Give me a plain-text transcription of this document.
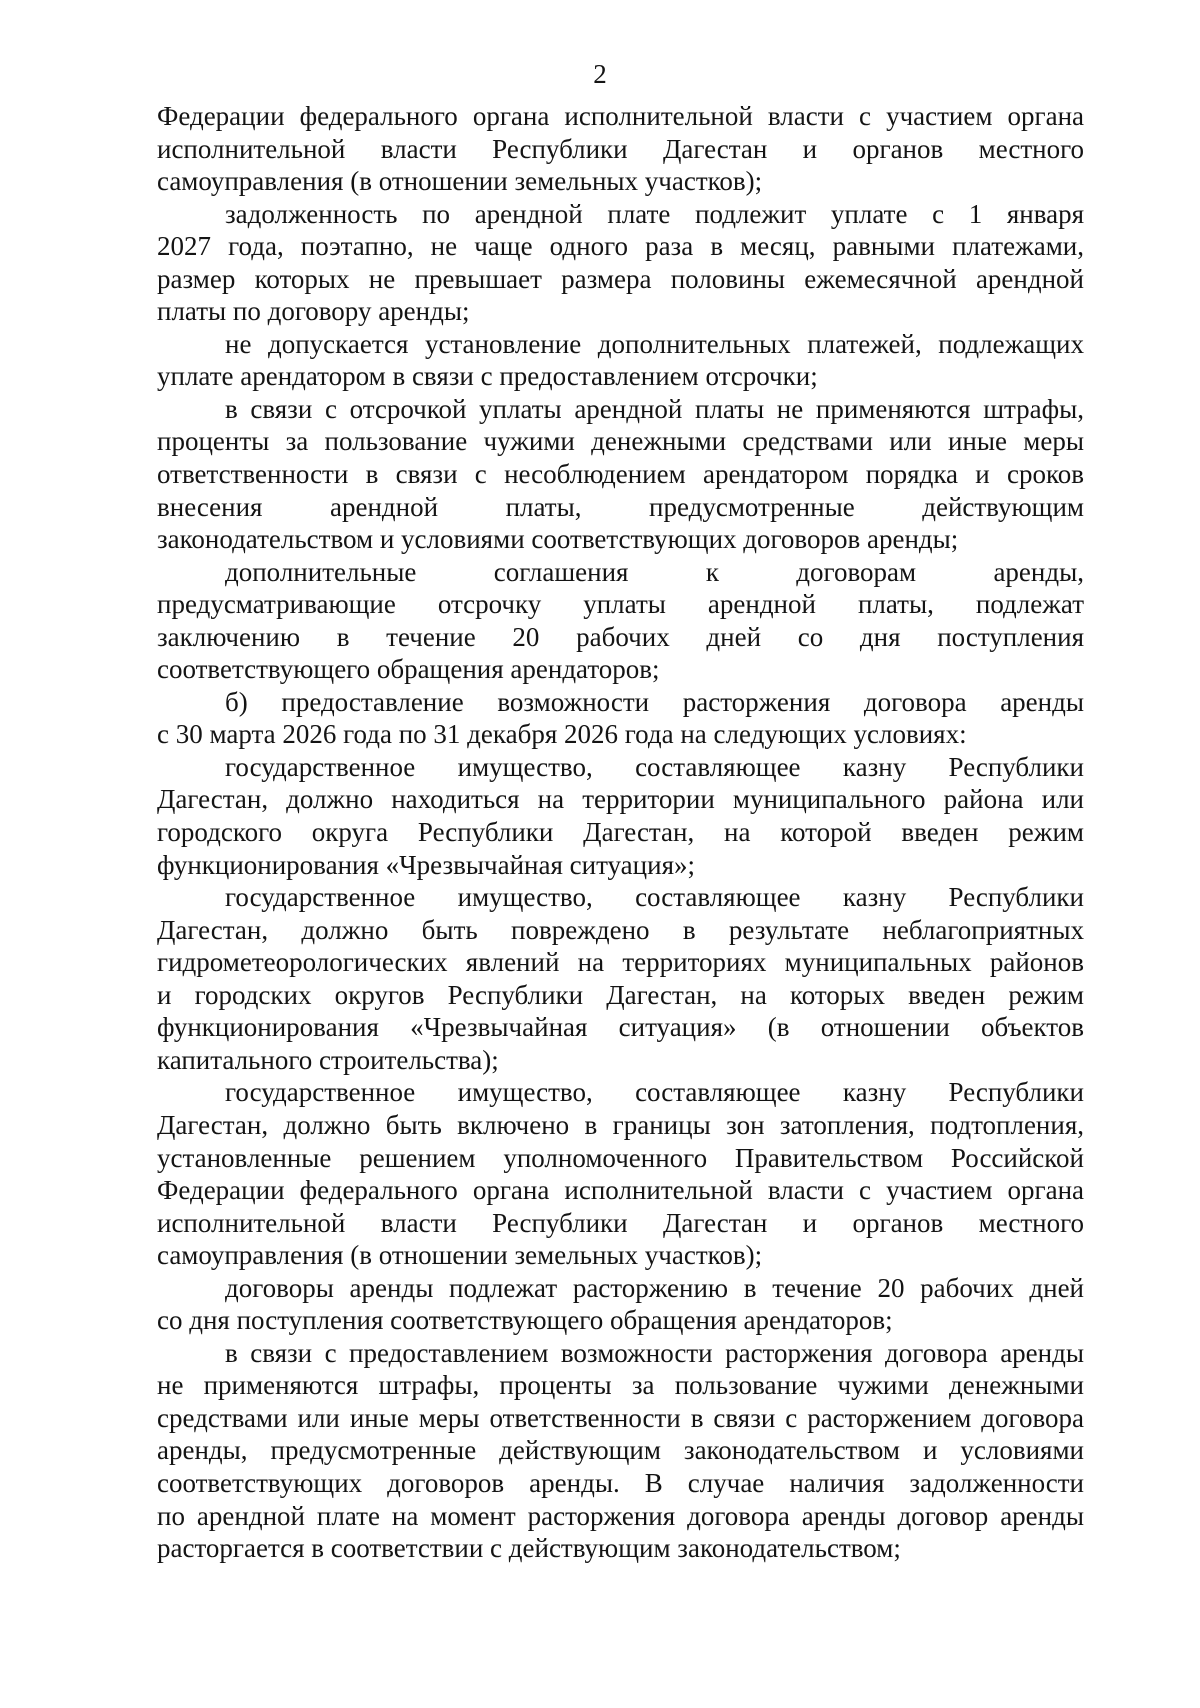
2
Федерации федерального органа исполнительной власти с участием органа
исполнительной власти Республики Дагестан и органов местного
самоуправления (в отношении земельных участков);
задолженность по арендной плате подлежит уплате с 1 января
2027 года, поэтапно, не чаще одного раза в месяц, равными платежами,
размер которых не превышает размера половины ежемесячной арендной
платы по договору аренды;
не допускается установление дополнительных платежей, подлежащих
уплате арендатором в связи с предоставлением отсрочки;
в связи с отсрочкой уплаты арендной платы не применяются штрафы,
проценты за пользование чужими денежными средствами или иные меры
ответственности в связи с несоблюдением арендатором порядка и сроков
внесения арендной платы, предусмотренные действующим
законодательством и условиями соответствующих договоров аренды;
дополнительные соглашения к договорам аренды,
предусматривающие отсрочку уплаты арендной платы, подлежат
заключению в течение 20 рабочих дней со дня поступления
соответствующего обращения арендаторов;
б) предоставление возможности расторжения договора аренды
с 30 марта 2026 года по 31 декабря 2026 года на следующих условиях:
государственное имущество, составляющее казну Республики
Дагестан, должно находиться на территории муниципального района или
городского округа Республики Дагестан, на которой введен режим
функционирования «Чрезвычайная ситуация»;
государственное имущество, составляющее казну Республики
Дагестан, должно быть повреждено в результате неблагоприятных
гидрометеорологических явлений на территориях муниципальных районов
и городских округов Республики Дагестан, на которых введен режим
функционирования «Чрезвычайная ситуация» (в отношении объектов
капитального строительства);
государственное имущество, составляющее казну Республики
Дагестан, должно быть включено в границы зон затопления, подтопления,
установленные решением уполномоченного Правительством Российской
Федерации федерального органа исполнительной власти с участием органа
исполнительной власти Республики Дагестан и органов местного
самоуправления (в отношении земельных участков);
договоры аренды подлежат расторжению в течение 20 рабочих дней
со дня поступления соответствующего обращения арендаторов;
в связи с предоставлением возможности расторжения договора аренды
не применяются штрафы, проценты за пользование чужими денежными
средствами или иные меры ответственности в связи с расторжением договора
аренды, предусмотренные действующим законодательством и условиями
соответствующих договоров аренды. В случае наличия задолженности
по арендной плате на момент расторжения договора аренды договор аренды
расторгается в соответствии с действующим законодательством;
